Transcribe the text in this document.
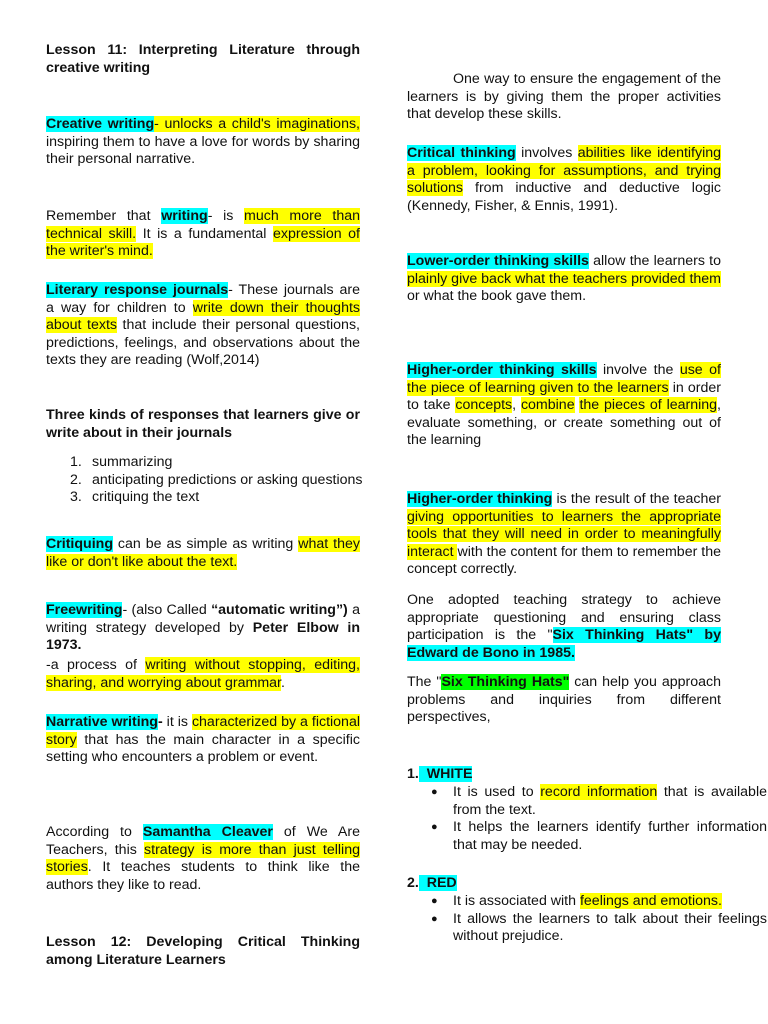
Lesson 11: Interpreting Literature through creative writing

Creative writing- unlocks a child's imaginations, inspiring them to have a love for words by sharing their personal narrative.

Remember that writing- is much more than technical skill. It is a fundamental expression of the writer's mind.

Literary response journals- These journals are a way for children to write down their thoughts about texts that include their personal questions, predictions, feelings, and observations about the texts they are reading (Wolf,2014)

Three kinds of responses that learners give or write about in their journals

1. summarizing
2. anticipating predictions or asking questions
3. critiquing the text

Critiquing can be as simple as writing what they like or don't like about the text.

Freewriting- (also Called “automatic writing”) a writing strategy developed by Peter Elbow in 1973.

-a process of writing without stopping, editing, sharing, and worrying about grammar.

Narrative writing- it is characterized by a fictional story that has the main character in a specific setting who encounters a problem or event.

According to Samantha Cleaver of We Are Teachers, this strategy is more than just telling stories. It teaches students to think like the authors they like to read.

Lesson 12: Developing Critical Thinking among Literature Learners

One way to ensure the engagement of the learners is by giving them the proper activities that develop these skills.

Critical thinking involves abilities like identifying a problem, looking for assumptions, and trying solutions from inductive and deductive logic (Kennedy, Fisher, & Ennis, 1991).

Lower-order thinking skills allow the learners to plainly give back what the teachers provided them or what the book gave them.

Higher-order thinking skills involve the use of the piece of learning given to the learners in order to take concepts, combine the pieces of learning, evaluate something, or create something out of the learning

Higher-order thinking is the result of the teacher giving opportunities to learners the appropriate tools that they will need in order to meaningfully interact with the content for them to remember the concept correctly.

One adopted teaching strategy to achieve appropriate questioning and ensuring class participation is the "Six Thinking Hats" by Edward de Bono in 1985.

The "Six Thinking Hats" can help you approach problems and inquiries from different perspectives,

1.  WHITE
● It is used to record information that is available from the text.
● It helps the learners identify further information that may be needed.
2.  RED
● It is associated with feelings and emotions.
● It allows the learners to talk about their feelings without prejudice.
